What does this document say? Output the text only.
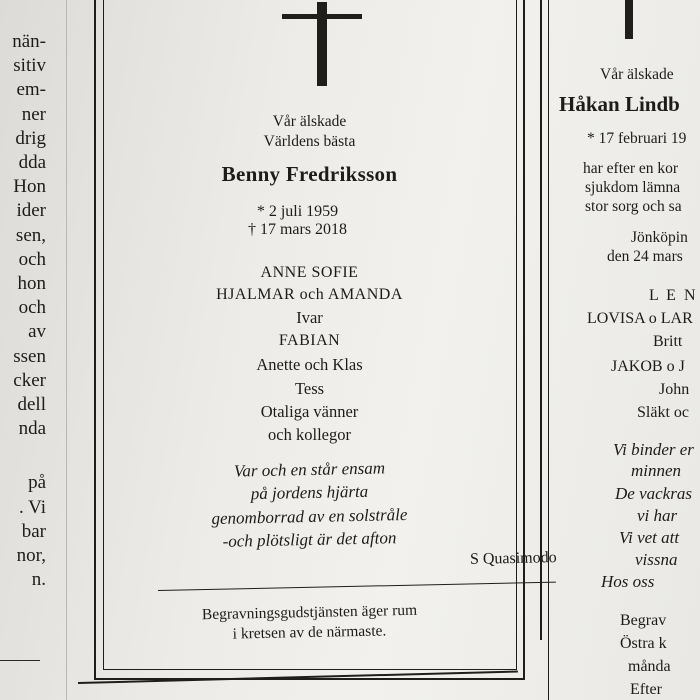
nän-
sitiv
em-
ner
drig
dda
Hon
ider
sen,
och
hon
och
av
ssen
cker
dell
nda
på
. Vi
bar
nor,
n.
Vår älskade
Världens bästa
Benny Fredriksson
* 2 juli 1959
† 17 mars 2018
ANNE SOFIE
HJALMAR och AMANDA
Ivar
FABIAN
Anette och Klas
Tess
Otaliga vänner
och kollegor
Var och en står ensam
på jordens hjärta
genomborrad av en solstråle
-och plötsligt är det afton
S Quasimodo
Begravningsgudstjänsten äger rum
i kretsen av de närmaste.
Vår älskade
Håkan Lindb
* 17 februari 19
har efter en kor
sjukdom lämna
stor sorg och sa
Jönköpin
den 24 mars
L E N
LOVISA o LAR
Britt
JAKOB o J
John
Släkt oc
Vi binder er
minnen
De vackras
vi har
Vi vet att
vissna
Hos oss
Begrav
Östra k
månda
Efter
